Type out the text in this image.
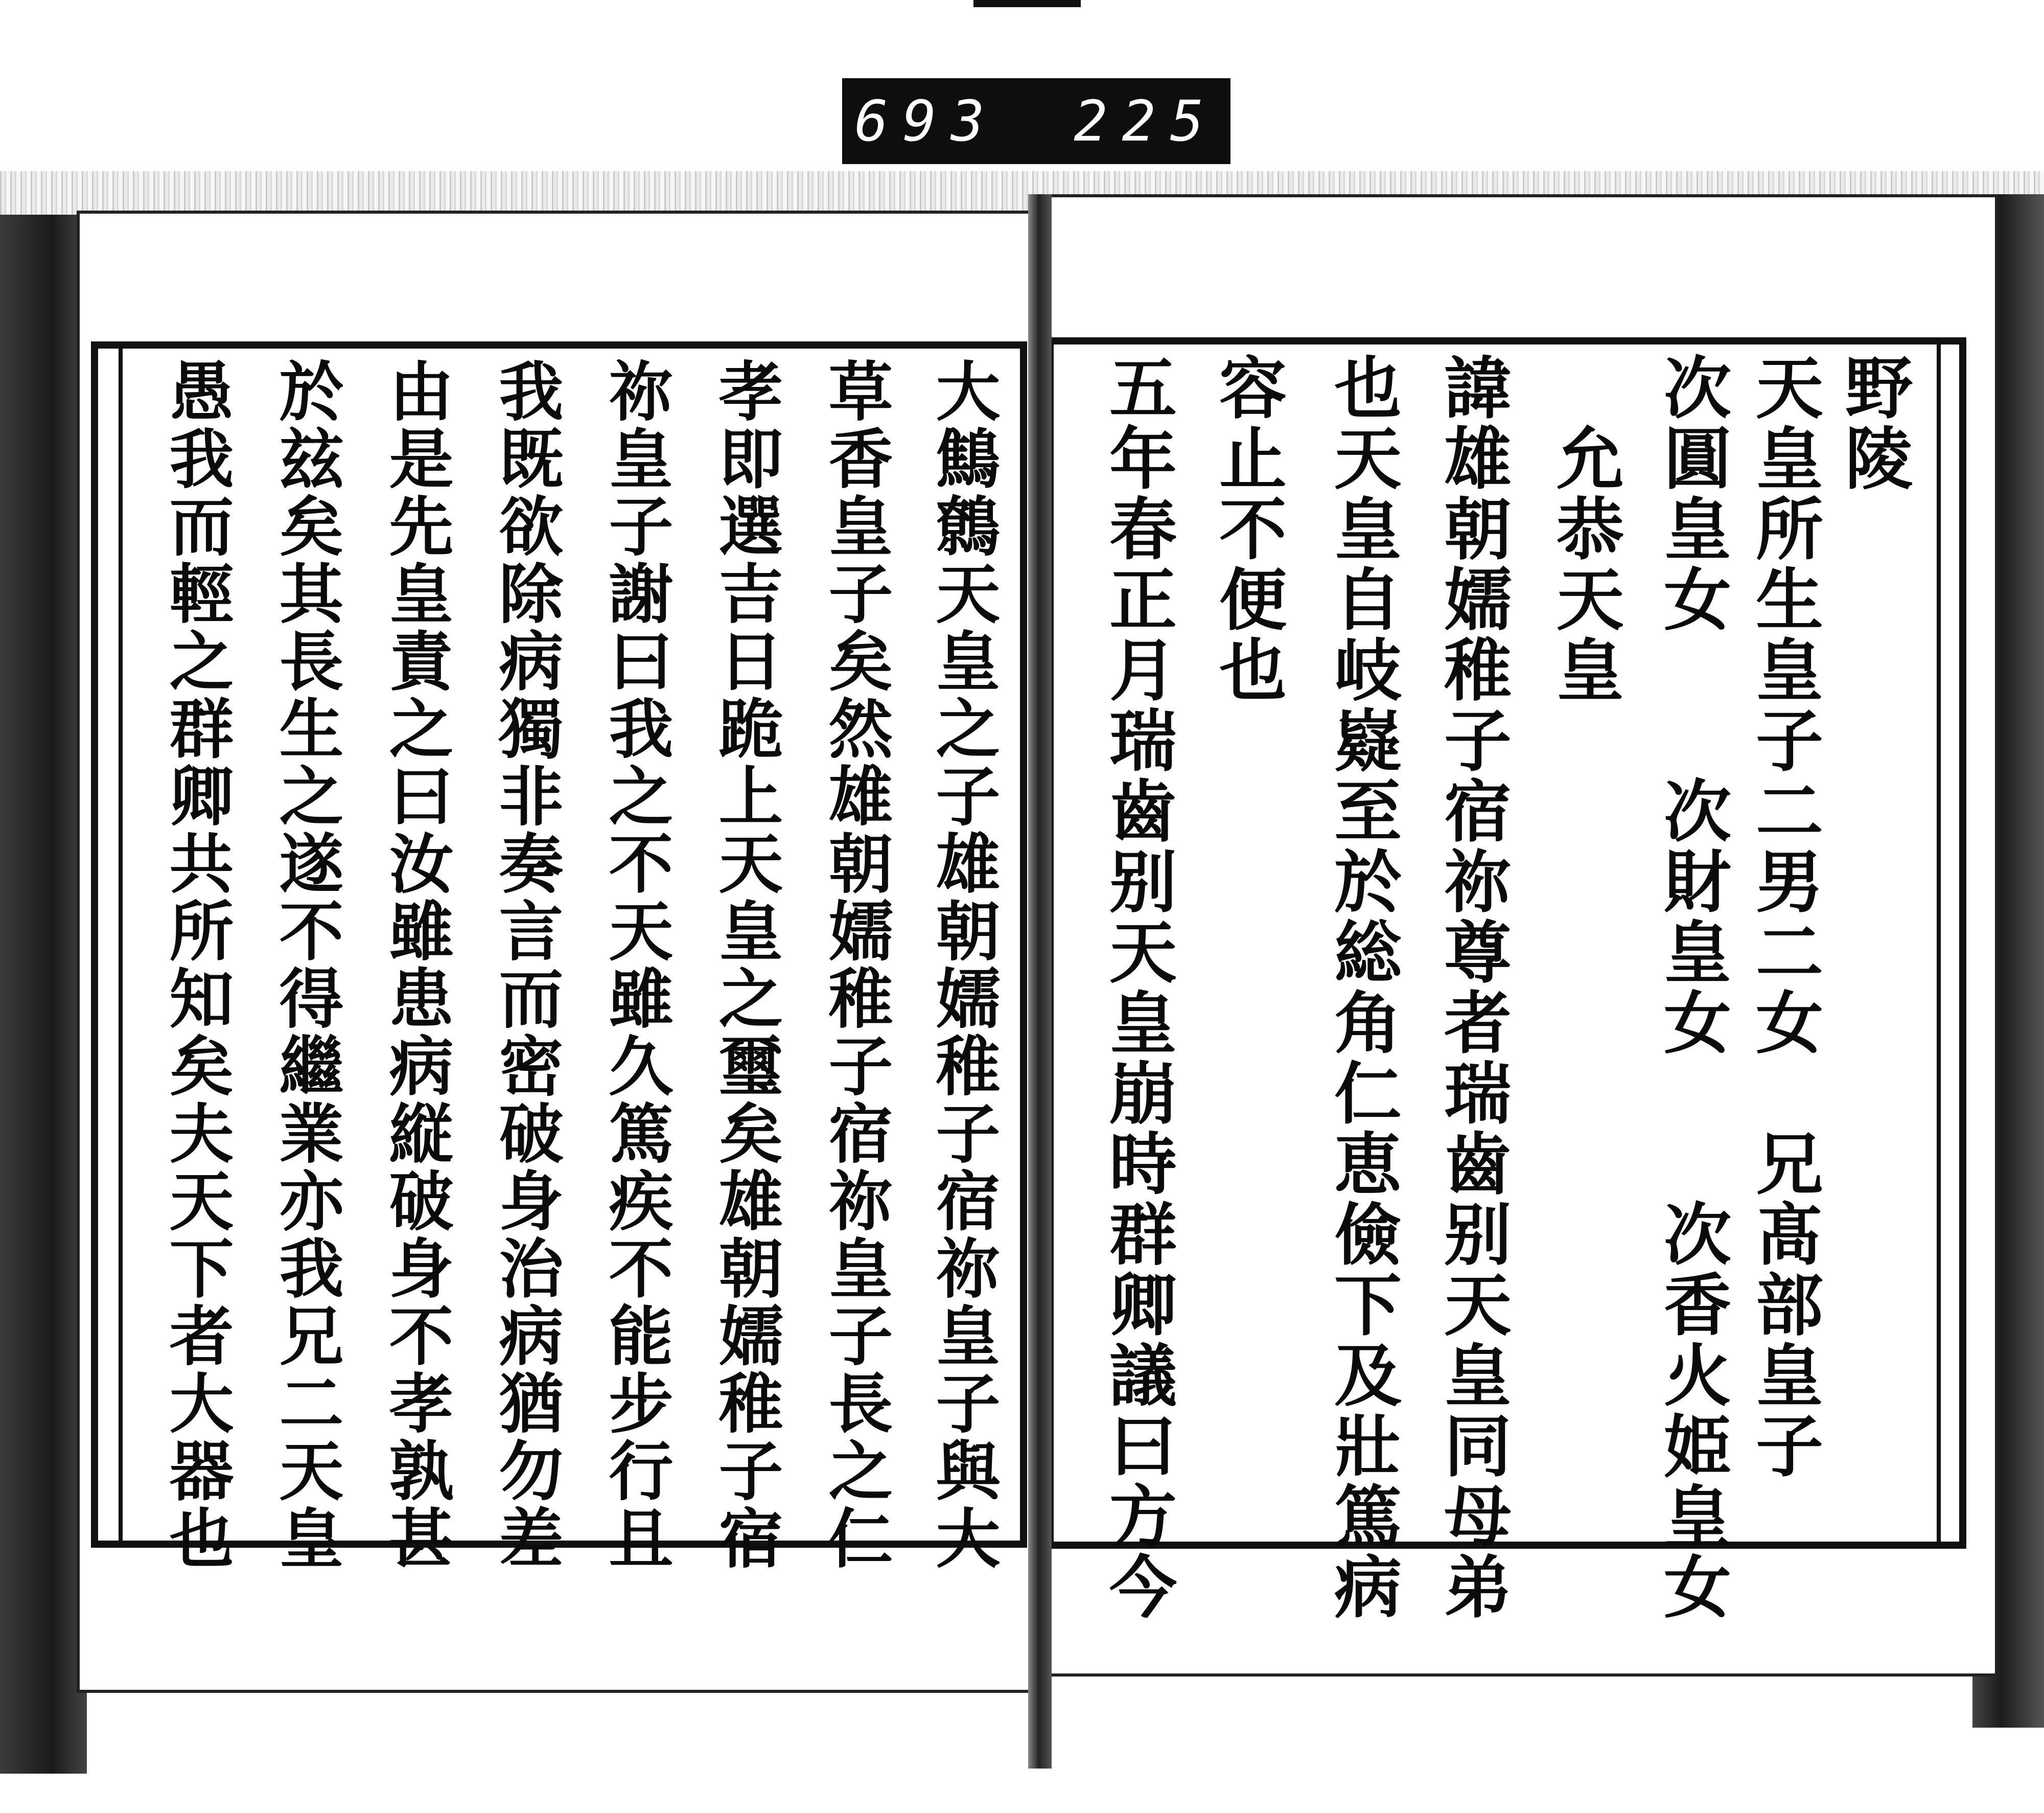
693 225
野陵
天皇所生皇子二男二女　兄髙部皇子
次圓皇女　　次財皇女　　次香火姫皇女
　允恭天皇
諱雄朝嬬稚子宿祢尊者瑞齒别天皇同母弟
也天皇自岐嶷至於総角仁恵儉下及壯篤病
容止不便也
五年春正月瑞齒别天皇崩時群卿議曰方今
大鷦鷯天皇之子雄朝嬬稚子宿祢皇子與大
草香皇子矣然雄朝嬬稚子宿祢皇子長之仁
孝即選吉日跪上天皇之璽矣雄朝嬬稚子宿
祢皇子謝曰我之不天雖久篤疾不能步行且
我既欲除病獨非奏言而密破身治病猶勿差
由是先皇責之曰汝雖患病縦破身不孝孰甚
於玆矣其長生之遂不得繼業亦我兄二天皇
愚我而輕之群卿共所知矣夫天下者大器也
